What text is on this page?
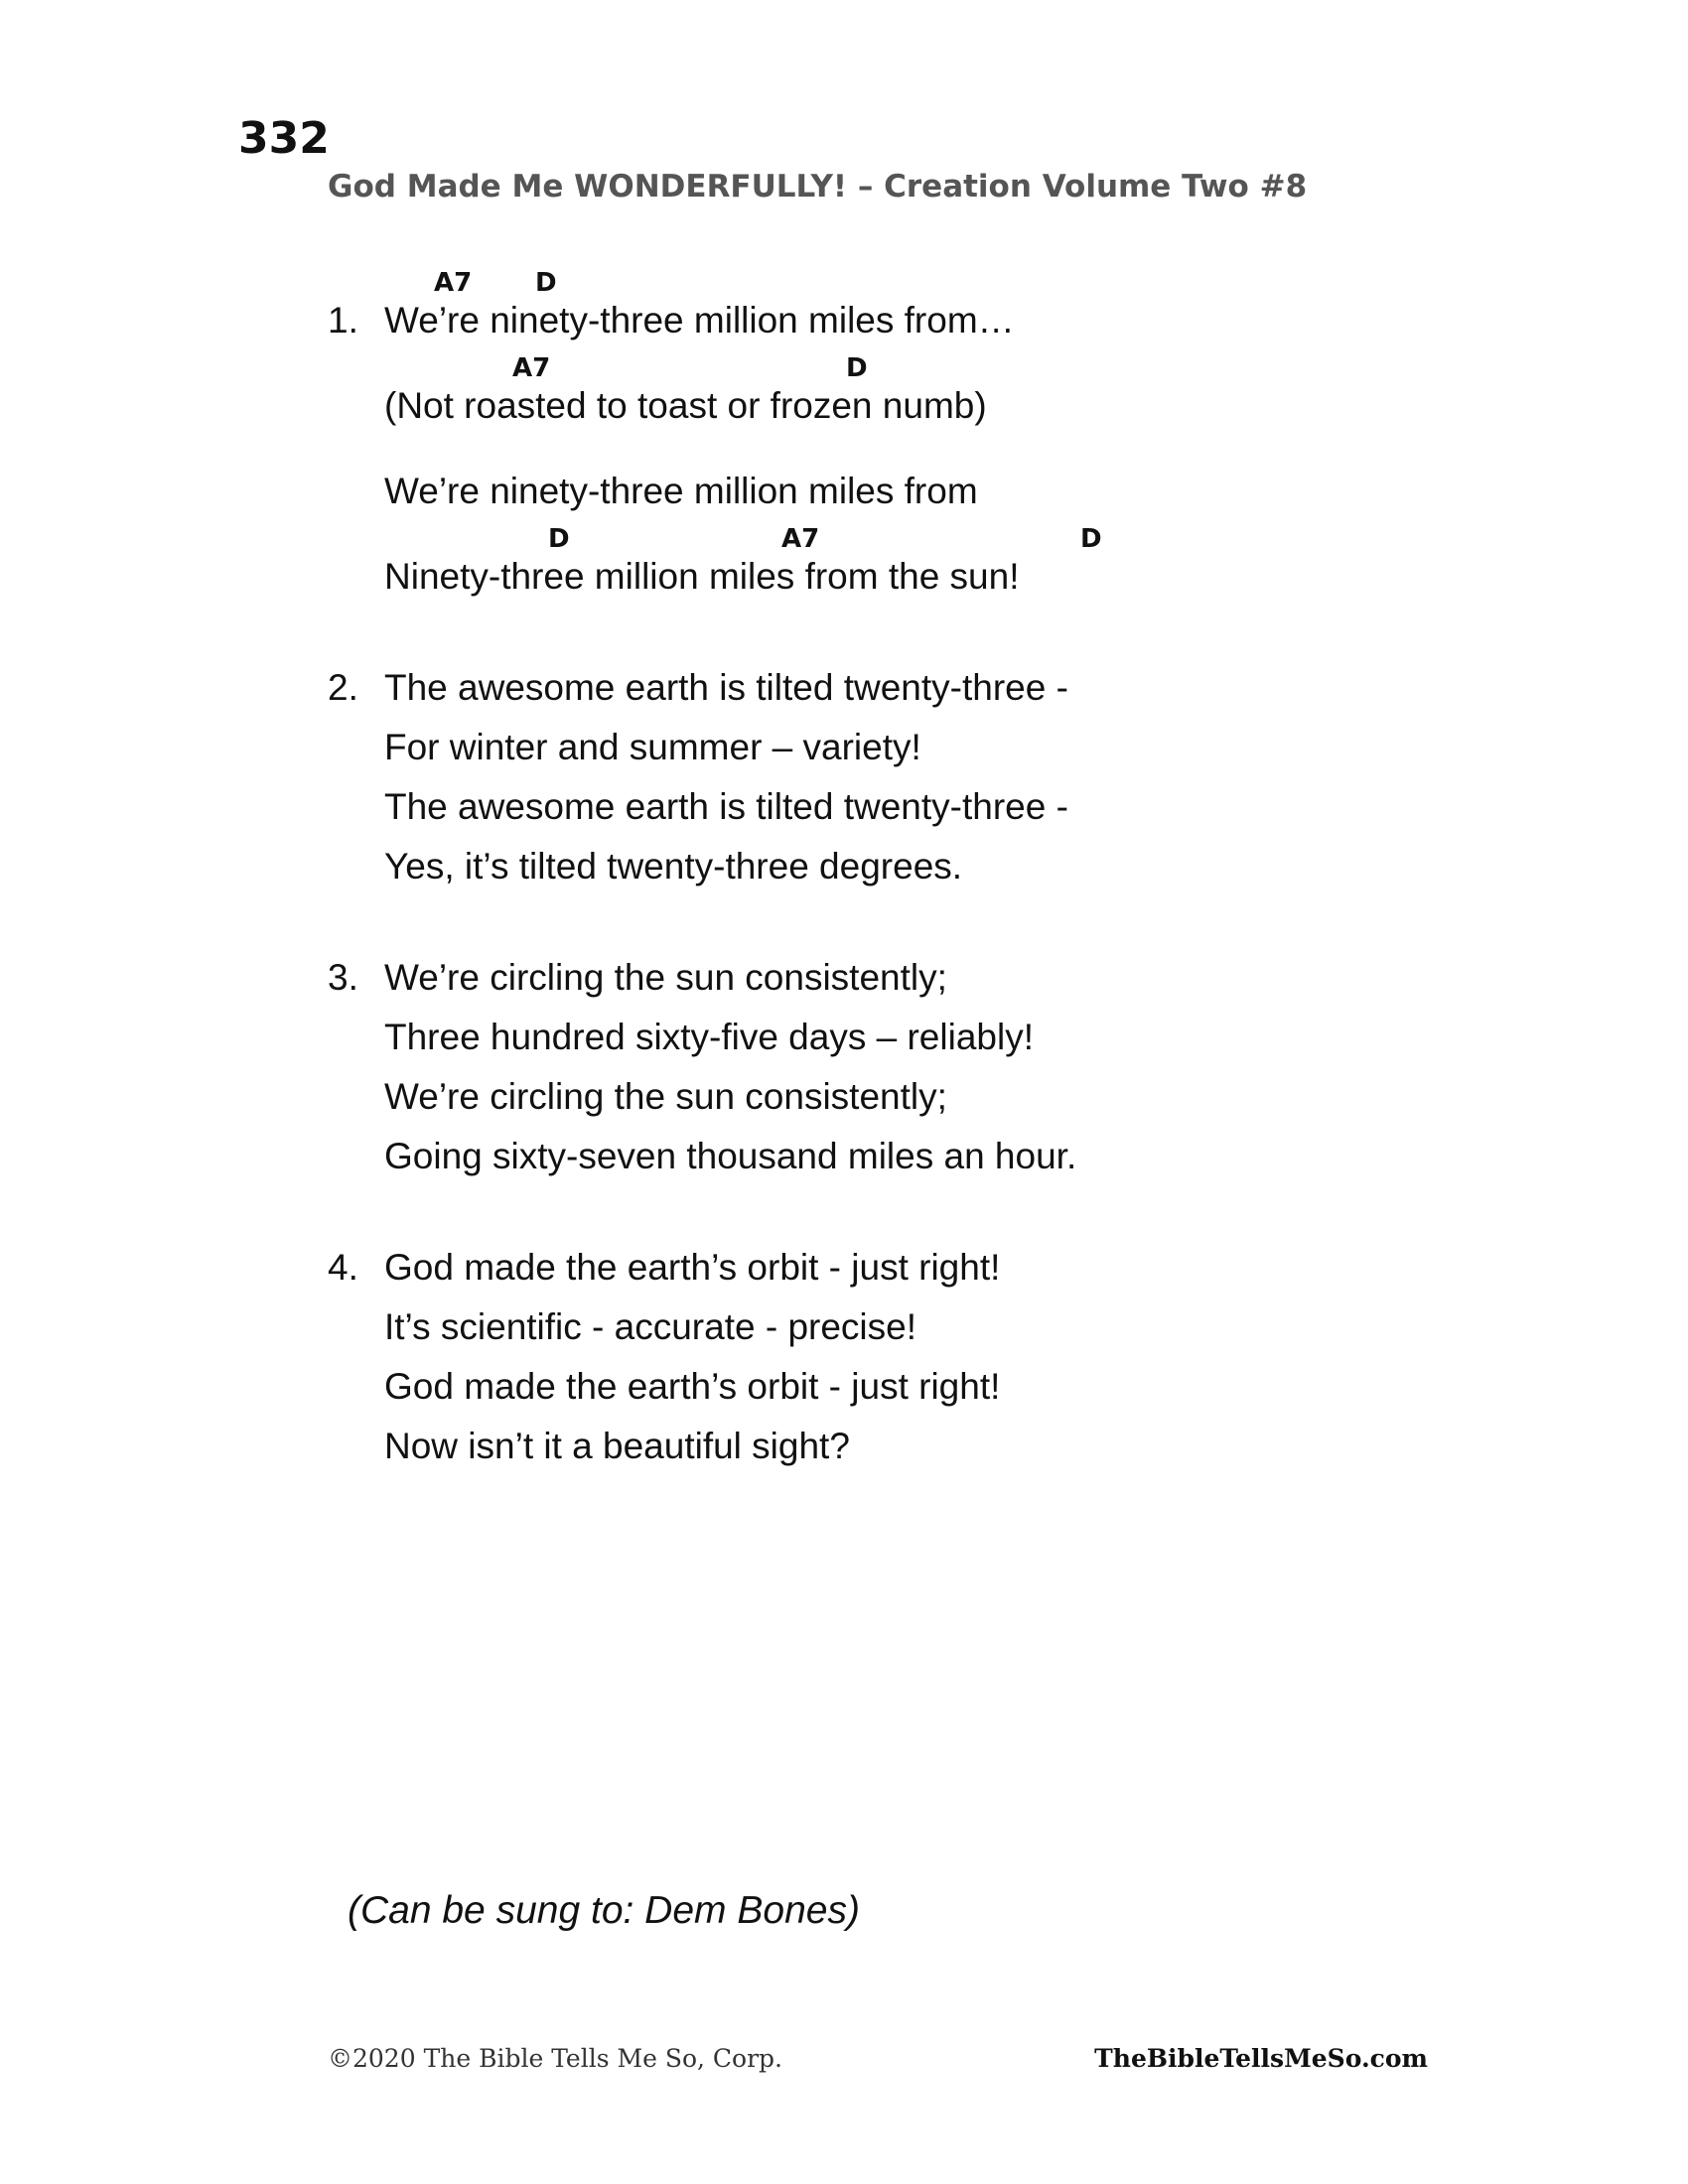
332
God Made Me WONDERFULLY! – Creation Volume Two #8
A7 D
1. We’re ninety-three million miles from…
A7	D
(Not roasted to toast or frozen numb)
We’re ninety-three million miles from
D	A7	D
Ninety-three million miles from the sun!
2. The awesome earth is tilted twenty-three -
For winter and summer – variety!
The awesome earth is tilted twenty-three -
Yes, it’s tilted twenty-three degrees.
3. We’re circling the sun consistently;
Three hundred sixty-five days – reliably!
We’re circling the sun consistently;
Going sixty-seven thousand miles an hour.
4. God made the earth’s orbit - just right!
It’s scientific - accurate - precise!
God made the earth’s orbit - just right!
Now isn’t it a beautiful sight?
(Can be sung to: Dem Bones)
©2020 The Bible Tells Me So, Corp.	TheBibleTellsMeSo.com
